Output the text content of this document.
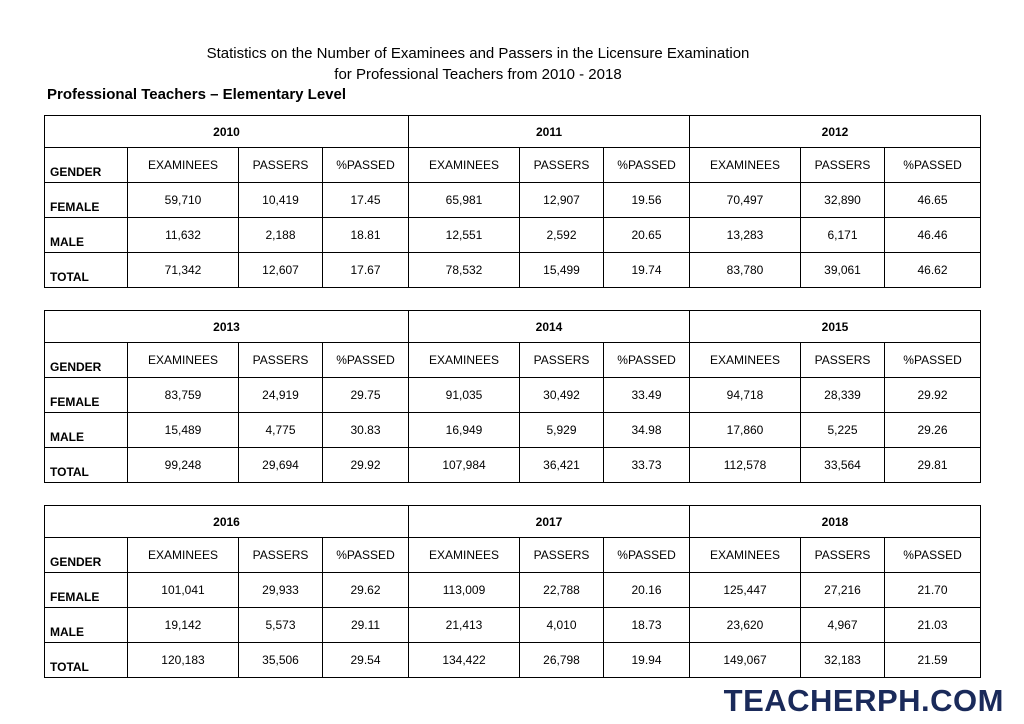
Statistics on the Number of Examinees and Passers in the Licensure Examination
for Professional Teachers from 2010 - 2018
Professional Teachers – Elementary Level
2010				2011			2012		
GENDER	EXAMINEES	PASSERS	%PASSED	EXAMINEES	PASSERS	%PASSED	EXAMINEES	PASSERS	%PASSED
FEMALE	59,710	10,419	17.45	65,981	12,907	19.56	70,497	32,890	46.65
MALE	11,632	2,188	18.81	12,551	2,592	20.65	13,283	6,171	46.46
TOTAL	71,342	12,607	17.67	78,532	15,499	19.74	83,780	39,061	46.62
2013				2014			2015		
GENDER	EXAMINEES	PASSERS	%PASSED	EXAMINEES	PASSERS	%PASSED	EXAMINEES	PASSERS	%PASSED
FEMALE	83,759	24,919	29.75	91,035	30,492	33.49	94,718	28,339	29.92
MALE	15,489	4,775	30.83	16,949	5,929	34.98	17,860	5,225	29.26
TOTAL	99,248	29,694	29.92	107,984	36,421	33.73	112,578	33,564	29.81
2016				2017			2018		
GENDER	EXAMINEES	PASSERS	%PASSED	EXAMINEES	PASSERS	%PASSED	EXAMINEES	PASSERS	%PASSED
FEMALE	101,041	29,933	29.62	113,009	22,788	20.16	125,447	27,216	21.70
MALE	19,142	5,573	29.11	21,413	4,010	18.73	23,620	4,967	21.03
TOTAL	120,183	35,506	29.54	134,422	26,798	19.94	149,067	32,183	21.59
TEACHERPH.COM
